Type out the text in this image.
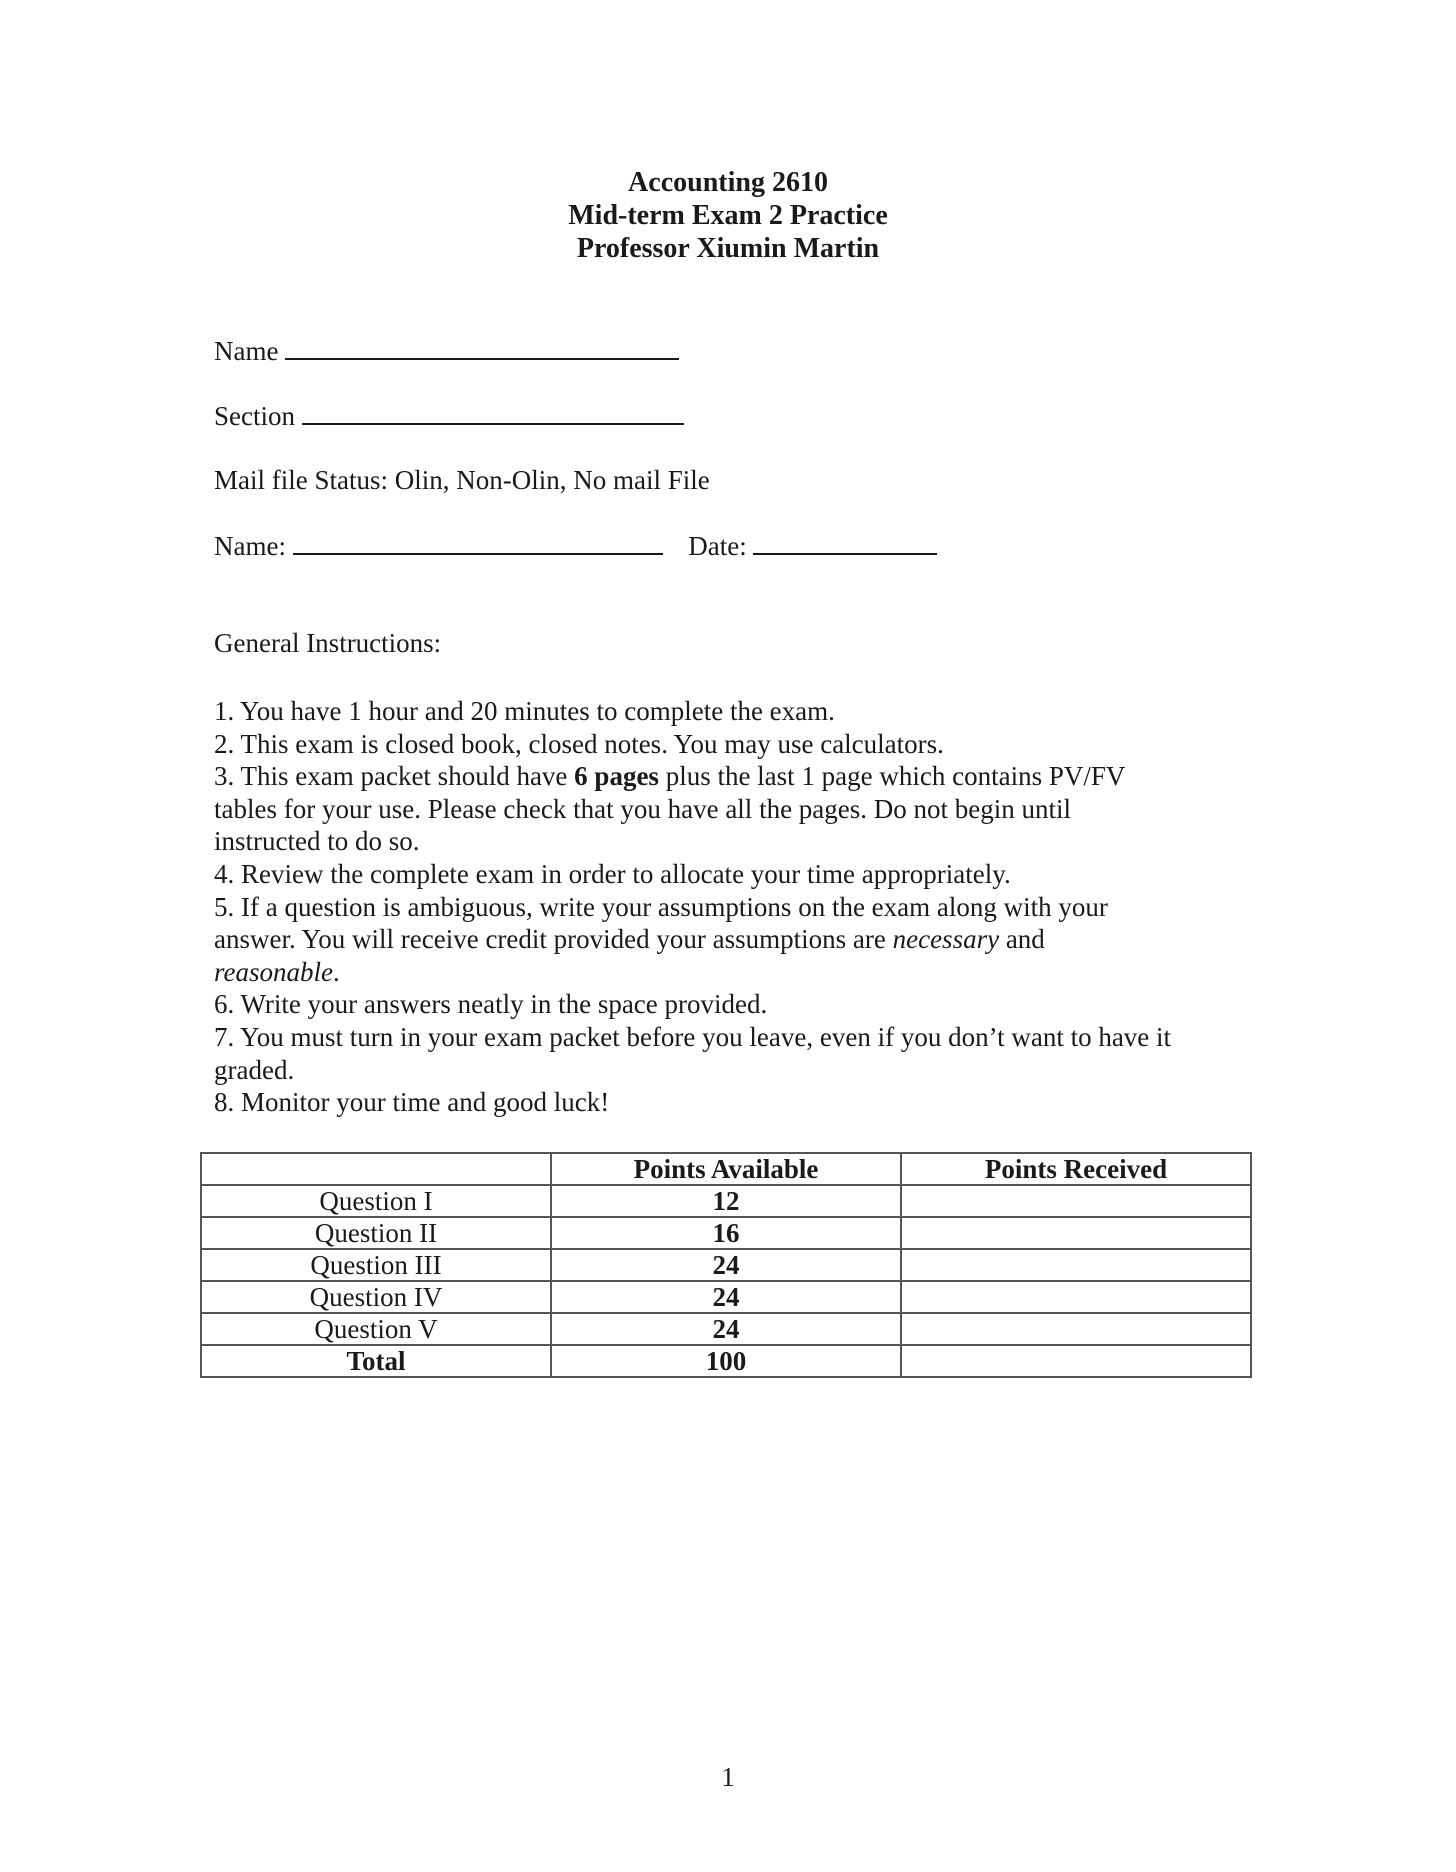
Accounting 2610
Mid-term Exam 2 Practice
Professor Xiumin Martin
Name
Section
Mail file Status: Olin, Non-Olin, No mail File
Name:	Date:
General Instructions:

1. You have 1 hour and 20 minutes to complete the exam.

2. This exam is closed book, closed notes. You may use calculators.

3. This exam packet should have 6 pages plus the last 1 page which contains PV/FV tables for your use. Please check that you have all the pages. Do not begin until instructed to do so.

4. Review the complete exam in order to allocate your time appropriately.

5. If a question is ambiguous, write your assumptions on the exam along with your answer. You will receive credit provided your assumptions are necessary and reasonable.

6. Write your answers neatly in the space provided.

7. You must turn in your exam packet before you leave, even if you don’t want to have it graded.

8. Monitor your time and good luck!

	Points Available	Points Received
Question I	12	
Question II	16	
Question III	24	
Question IV	24	
Question V	24	
Total	100	
1
